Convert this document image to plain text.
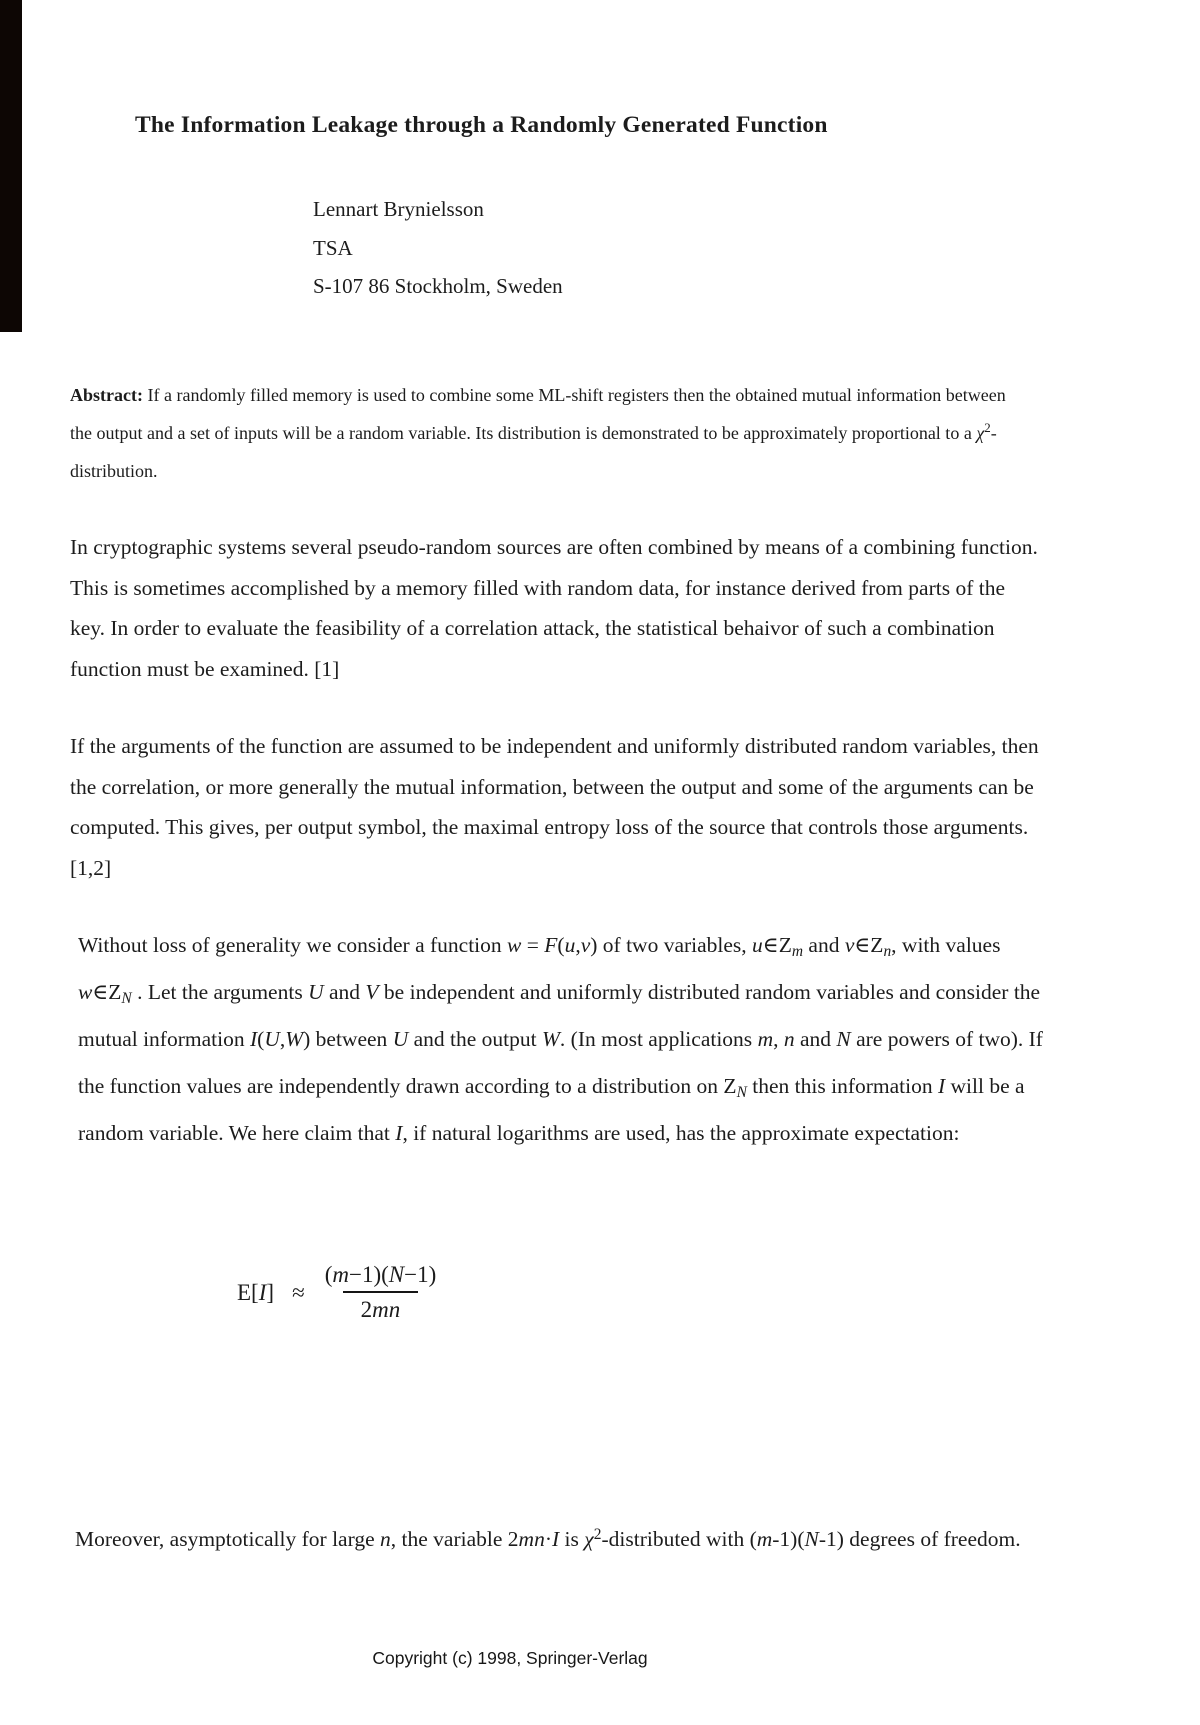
The Information Leakage through a Randomly Generated Function
Lennart Brynielsson
TSA
S-107 86 Stockholm, Sweden
Abstract: If a randomly filled memory is used to combine some ML-shift registers then the obtained mutual information between the output and a set of inputs will be a random variable. Its distribution is demonstrated to be approximately proportional to a $\chi^2$-distribution.
In cryptographic systems several pseudo-random sources are often combined by means of a combining function. This is sometimes accomplished by a memory filled with random data, for instance derived from parts of the key. In order to evaluate the feasibility of a correlation attack, the statistical behaivor of such a combination function must be examined. [1]
If the arguments of the function are assumed to be independent and uniformly distributed random variables, then the correlation, or more generally the mutual information, between the output and some of the arguments can be computed. This gives, per output symbol, the maximal entropy loss of the source that controls those arguments. [1,2]
Without loss of generality we consider a function w = F(u,v) of two variables, $u\in Z_m$ and $v\in Z_n$, with values $w\in Z_N$ . Let the arguments U and V be independent and uniformly distributed random variables and consider the mutual information I(U,W) between U and the output W. (In most applications m, n and N are powers of two). If the function values are independently drawn according to a distribution on $Z_N$ then this information I will be a random variable. We here claim that I, if natural logarithms are used, has the approximate expectation:
$E[I] \approx \frac{(m-1)(N-1)}{2mn}$
Moreover, asymptotically for large n, the variable 2mn·I is $\chi^2$-distributed with (m-1)(N-1) degrees of freedom.
Copyright (c) 1998, Springer-Verlag
